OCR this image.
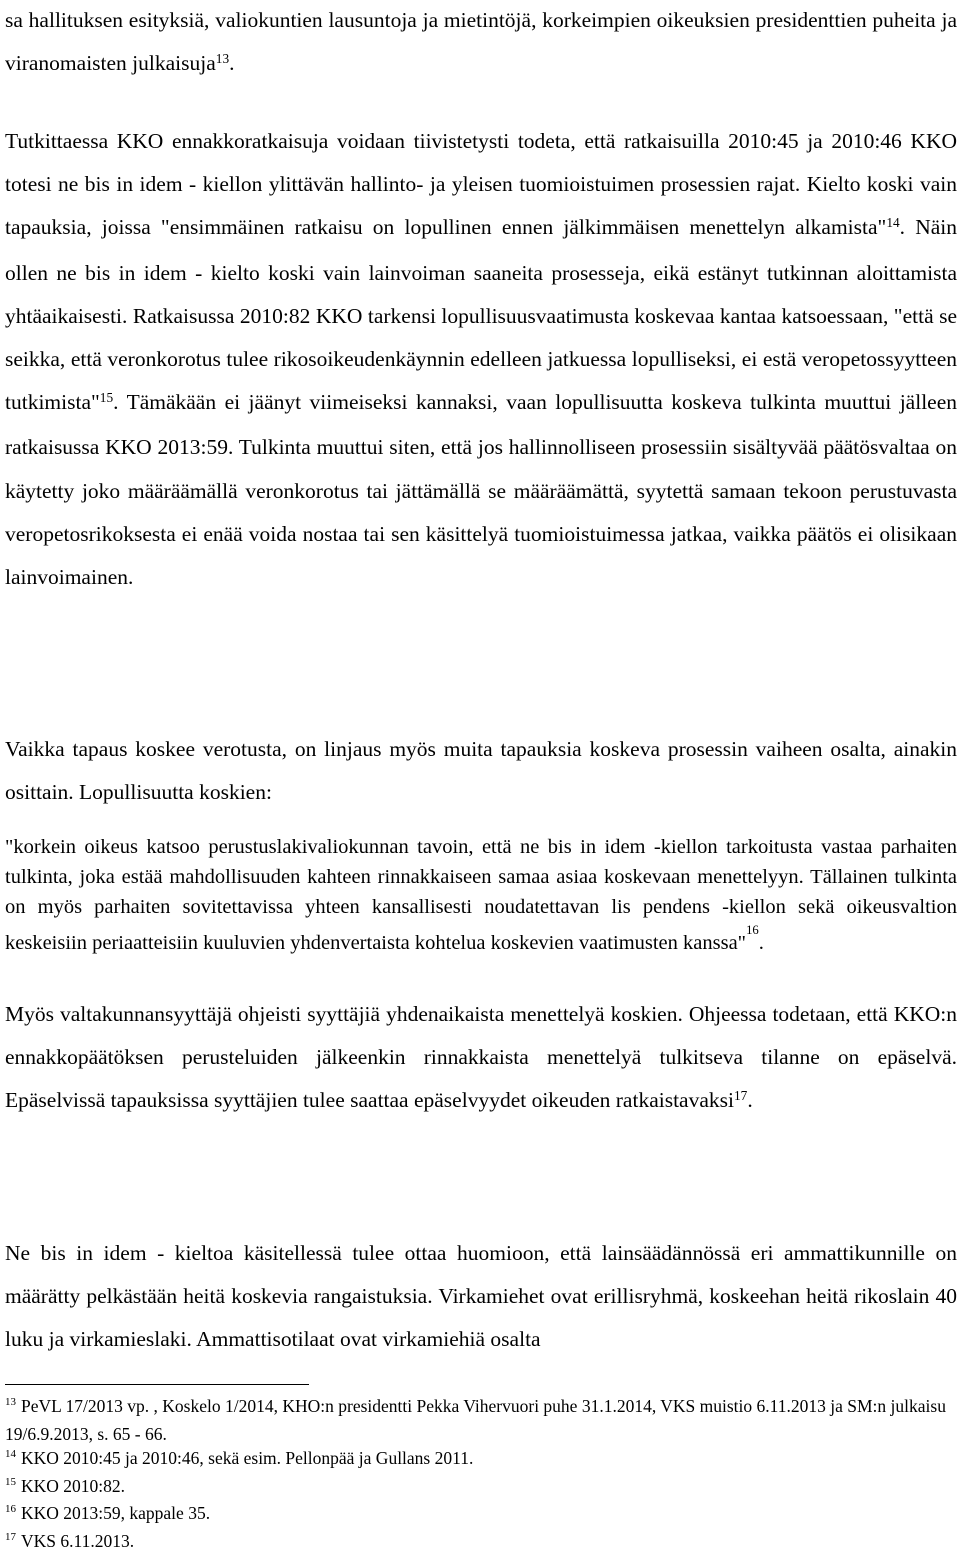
sa hallituksen esityksiä, valiokuntien lausuntoja ja mietintöjä, korkeimpien oikeuksien presidenttien puheita ja viranomaisten julkaisuja$^{13}$.

Tutkittaessa KKO ennakkoratkaisuja voidaan tiivistetysti todeta, että ratkaisuilla 2010:45 ja 2010:46 KKO totesi ne bis in idem - kiellon ylittävän hallinto- ja yleisen tuomioistuimen prosessien rajat. Kielto koski vain tapauksia, joissa "ensimmäinen ratkaisu on lopullinen ennen jälkimmäisen menettelyn alkamista"$^{14}$. Näin ollen ne bis in idem - kielto koski vain lainvoiman saaneita prosesseja, eikä estänyt tutkinnan aloittamista yhtäaikaisesti. Ratkaisussa 2010:82 KKO tarkensi lopullisuusvaatimusta koskevaa kantaa katsoessaan, "että se seikka, että veronkorotus tulee rikosoikeudenkäynnin edelleen jatkuessa lopulliseksi, ei estä veropetossyytteen tutkimista"$^{15}$. Tämäkään ei jäänyt viimeiseksi kannaksi, vaan lopullisuutta koskeva tulkinta muuttui jälleen ratkaisussa KKO 2013:59. Tulkinta muuttui siten, että jos hallinnolliseen prosessiin sisältyvää päätösvaltaa on käytetty joko määräämällä veronkorotus tai jättämällä se määräämättä, syytettä samaan tekoon perustuvasta veropetosrikoksesta ei enää voida nostaa tai sen käsittelyä tuomioistuimessa jatkaa, vaikka päätös ei olisikaan lainvoimainen.

Vaikka tapaus koskee verotusta, on linjaus myös muita tapauksia koskeva prosessin vaiheen osalta, ainakin osittain. Lopullisuutta koskien:

"korkein oikeus katsoo perustuslakivaliokunnan tavoin, että ne bis in idem -kiellon tarkoitusta vastaa parhaiten tulkinta, joka estää mahdollisuuden kahteen rinnakkaiseen samaa asiaa koskevaan menettelyyn. Tällainen tulkinta on myös parhaiten sovitettavissa yhteen kansallisesti noudatettavan lis pendens -kiellon sekä oikeusvaltion keskeisiin periaatteisiin kuuluvien yhdenvertaista kohtelua koskevien vaatimusten kanssa"$^{16}$.

Myös valtakunnansyyttäjä ohjeisti syyttäjiä yhdenaikaista menettelyä koskien. Ohjeessa todetaan, että KKO:n ennakkopäätöksen perusteluiden jälkeenkin rinnakkaista menettelyä tulkitseva tilanne on epäselvä. Epäselvissä tapauksissa syyttäjien tulee saattaa epäselvyydet oikeuden ratkaistavaksi$^{17}$.

Ne bis in idem - kieltoa käsitellessä tulee ottaa huomioon, että lainsäädännössä eri ammattikunnille on määrätty pelkästään heitä koskevia rangaistuksia. Virkamiehet ovat erillisryhmä, koskeehan heitä rikoslain 40 luku ja virkamieslaki. Ammattisotilaat ovat virkamiehiä osalta

$^{13}$ PeVL 17/2013 vp. , Koskelo 1/2014, KHO:n presidentti Pekka Vihervuori puhe 31.1.2014, VKS muistio 6.11.2013 ja SM:n julkaisu 19/6.9.2013, s. 65 - 66.

$^{14}$ KKO 2010:45 ja 2010:46, sekä esim. Pellonpää ja Gullans 2011.

$^{15}$ KKO 2010:82.

$^{16}$ KKO 2013:59, kappale 35.

$^{17}$ VKS 6.11.2013.
